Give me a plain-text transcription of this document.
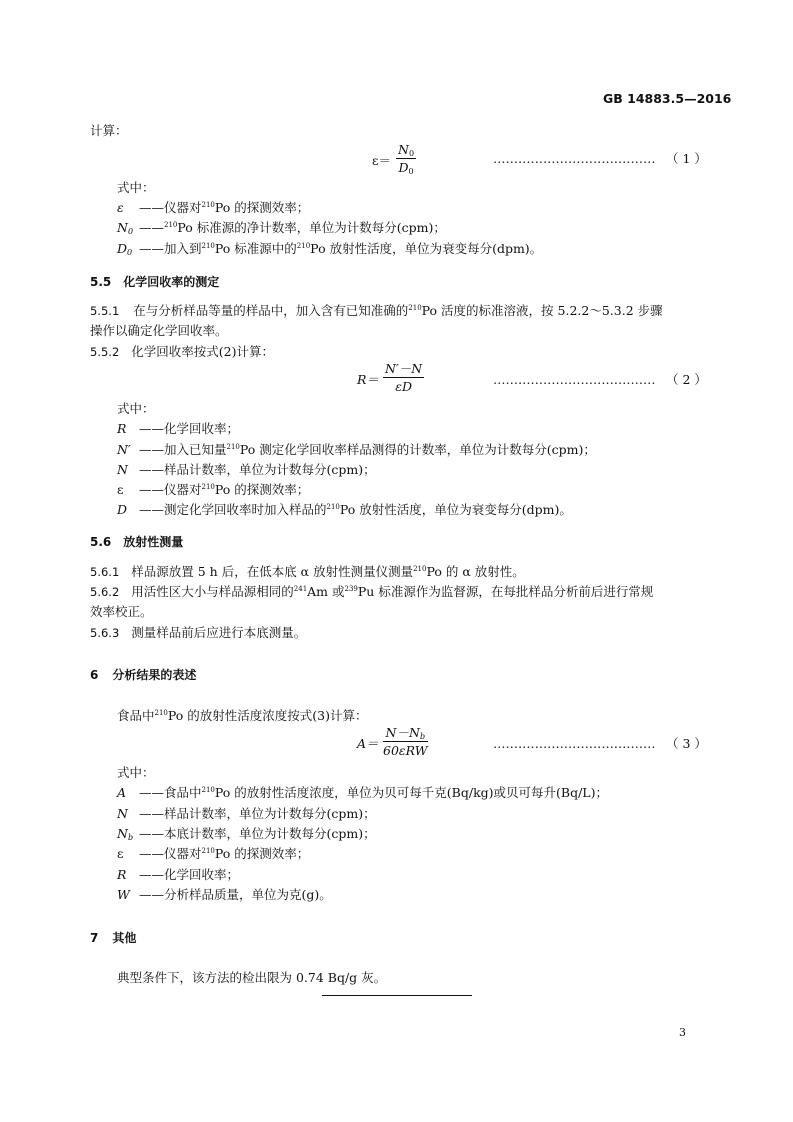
GB 14883.5—2016
计算：
$\varepsilon= \frac{N_0}{D_0}$	………………………………… （ 1 ）
式中：
ε ——仪器对$^{210}$Po 的探测效率；
$N_0$ ——$^{210}$Po 标准源的净计数率，单位为计数每分(cpm)；
$D_0$ ——加入到$^{210}$Po 标准源中的$^{210}$Po 放射性活度，单位为衰变每分(dpm)。
5.5 化学回收率的测定
5.5.1 在与分析样品等量的样品中，加入含有已知准确的$^{210}$Po 活度的标准溶液，按 5.2.2～5.3.2 步骤
操作以确定化学回收率。
5.5.2 化学回收率按式(2)计算：
$R= \frac{N'-N}{\varepsilon D}$	………………………………… （ 2 ）
式中：
R ——化学回收率；
N′ ——加入已知量$^{210}$Po 测定化学回收率样品测得的计数率，单位为计数每分(cpm)；
N ——样品计数率，单位为计数每分(cpm)；
ε ——仪器对$^{210}$Po 的探测效率；
D ——测定化学回收率时加入样品的$^{210}$Po 放射性活度，单位为衰变每分(dpm)。
5.6 放射性测量
5.6.1 样品源放置 5 h 后，在低本底 α 放射性测量仪测量$^{210}$Po 的 α 放射性。
5.6.2 用活性区大小与样品源相同的$^{241}$Am 或$^{239}$Pu 标准源作为监督源，在每批样品分析前后进行常规
效率校正。
5.6.3 测量样品前后应进行本底测量。
6 分析结果的表述
食品中$^{210}$Po 的放射性活度浓度按式(3)计算：
A＝
$N-N_b$
60εRW	………………………………… （ 3 ）
式中：
A ——食品中$^{210}$Po 的放射性活度浓度，单位为贝可每千克(Bq/kg)或贝可每升(Bq/L)；
N ——样品计数率，单位为计数每分(cpm)；
$N_b$ ——本底计数率，单位为计数每分(cpm)；
ε ——仪器对$^{210}$Po 的探测效率；
R ——化学回收率；
W ——分析样品质量，单位为克(g)。
7 其他
典型条件下，该方法的检出限为 0.74 Bq/g 灰。
3
